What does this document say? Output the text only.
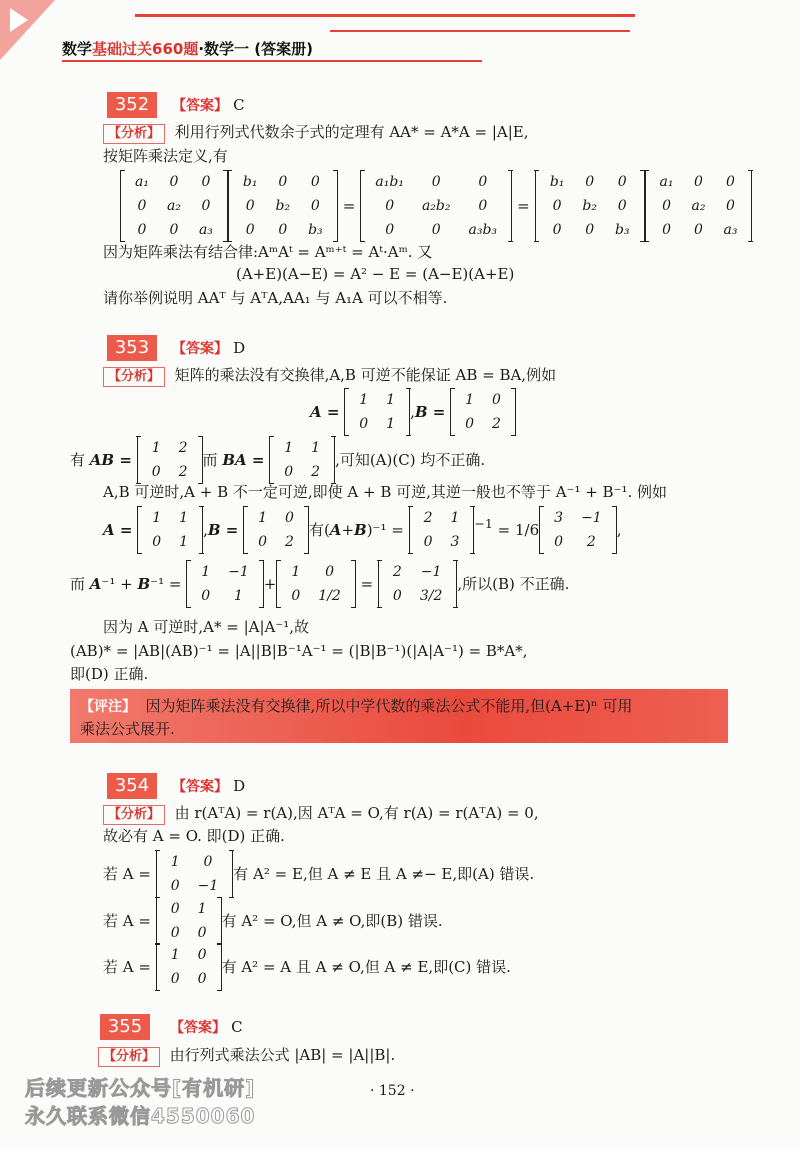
数学基础过关660题·数学一 (答案册)
352	【答案】 C
【分析】 利用行列式代数余子式的定理有 AA* = A*A = |A|E,
按矩阵乘法定义,有
a₁	0	0
0	a₂	0
0	0	a₃
b₁	0	0
0	b₂	0
0	0	b₃
=
a₁b₁	0	0
0	a₂b₂	0
0	0	a₃b₃
=
b₁	0	0
0	b₂	0
0	0	b₃
a₁	0	0
0	a₂	0
0	0	a₃
因为矩阵乘法有结合律:AᵐAᵗ = Aᵐ⁺ᵗ = Aᵗ·Aᵐ. 又
(A+E)(A−E) = A² − E = (A−E)(A+E)
请你举例说明 AAᵀ 与 AᵀA,AA₁ 与 A₁A 可以不相等.
353	【答案】 D
【分析】 矩阵的乘法没有交换律,A,B 可逆不能保证 AB = BA,例如
A =
1	1
0	1
,B =
1	0
0	2
有 AB =
1	2
0	2
而 BA =
1	1
0	2
,可知(A)(C) 均不正确.
A,B 可逆时,A + B 不一定可逆,即使 A + B 可逆,其逆一般也不等于 A⁻¹ + B⁻¹. 例如
A =
1	1
0	1
,B =
1	0
0	2
有(A+B)⁻¹ =
2	1
0	3
$^{-1}$ = 1/6
3	−1
0	2
,
而 A⁻¹ + B⁻¹ =
1	−1
0	1
+
1	0
0	1/2
=
2	−1
0	3/2
,所以(B) 不正确.
因为 A 可逆时,A* = |A|A⁻¹,故
(AB)* = |AB|(AB)⁻¹ = |A||B|B⁻¹A⁻¹ = (|B|B⁻¹)(|A|A⁻¹) = B*A*,
即(D) 正确.
【评注】 因为矩阵乘法没有交换律,所以中学代数的乘法公式不能用,但(A+E)ⁿ 可用
乘法公式展开.
354	【答案】 D
【分析】 由 r(AᵀA) = r(A),因 AᵀA = O,有 r(A) = r(AᵀA) = 0,
故必有 A = O. 即(D) 正确.
若 A =
1	0
0	−1
有 A² = E,但 A ≠ E 且 A ≠− E,即(A) 错误.
若 A =
0	1
0	0
有 A² = O,但 A ≠ O,即(B) 错误.
若 A =
1	0
0	0
有 A² = A 且 A ≠ O,但 A ≠ E,即(C) 错误.
355	【答案】 C
【分析】 由行列式乘法公式 |AB| = |A||B|.
· 152 ·
后续更新公众号[有机研]
永久联系微信4550060
